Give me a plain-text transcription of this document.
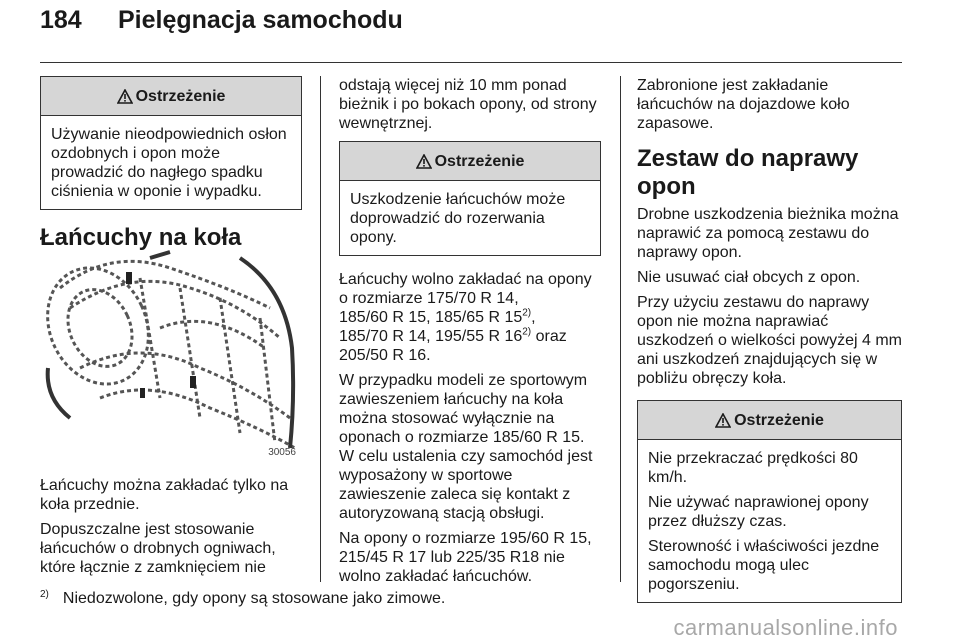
184 Pielęgnacja samochodu
Ostrzeżenie

Używanie nieodpowiednich osłon ozdobnych i opon może prowadzić do nagłego spadku ciśnienia w oponie i wypadku.

Łańcuchy na koła
30056

Łańcuchy można zakładać tylko na koła przednie.

Dopuszczalne jest stosowanie łańcuchów o drobnych ogniwach, które łącznie z zamknięciem nie

odstają więcej niż 10 mm ponad bieżnik i po bokach opony, od strony wewnętrznej.

Ostrzeżenie

Uszkodzenie łańcuchów może doprowadzić do rozerwania opony.

Łańcuchy wolno zakładać na opony
o rozmiarze 175/70 R 14,
185/60 R 15, 185/65 R 15$^{2)}$,
185/70 R 14, 195/55 R 16$^{2)}$ oraz
205/50 R 16.

W przypadku modeli ze sportowym zawieszeniem łańcuchy na koła można stosować wyłącznie na oponach o rozmiarze 185/60 R 15. W celu ustalenia czy samochód jest wyposażony w sportowe zawieszenie zaleca się kontakt z autoryzowaną stacją obsługi.

Na opony o rozmiarze 195/60 R 15, 215/45 R 17 lub 225/35 R18 nie wolno zakładać łańcuchów.

Zabronione jest zakładanie łańcuchów na dojazdowe koło zapasowe.

Zestaw do naprawy opon

Drobne uszkodzenia bieżnika można naprawić za pomocą zestawu do naprawy opon.

Nie usuwać ciał obcych z opon.

Przy użyciu zestawu do naprawy opon nie można naprawiać uszkodzeń o wielkości powyżej 4 mm ani uszkodzeń znajdujących się w pobliżu obręczy koła.

Ostrzeżenie

Nie przekraczać prędkości 80 km/h.

Nie używać naprawionej opony przez dłuższy czas.

Sterowność i właściwości jezdne samochodu mogą ulec pogorszeniu.

$^{2)}$ Niedozwolone, gdy opony są stosowane jako zimowe.
carmanualsonline.info
